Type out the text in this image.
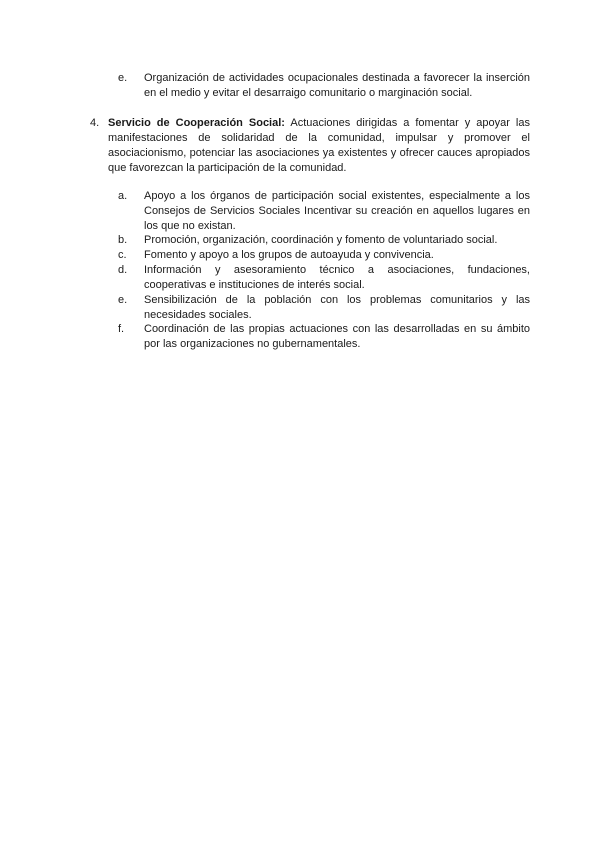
e.	Organización de actividades ocupacionales destinada a favorecer la inserción en el medio y evitar el desarraigo comunitario o marginación social.
4. Servicio de Cooperación Social: Actuaciones dirigidas a fomentar y apoyar las manifestaciones de solidaridad de la comunidad, impulsar y promover el asociacionismo, potenciar las asociaciones ya existentes y ofrecer cauces apropiados que favorezcan la participación de la comunidad.
a.	Apoyo a los órganos de participación social existentes, especialmente a los Consejos de Servicios Sociales Incentivar su creación en aquellos lugares en los que no existan.
b.	Promoción, organización, coordinación y fomento de voluntariado social.
c.	Fomento y apoyo a los grupos de autoayuda y convivencia.
d.	Información y asesoramiento técnico a asociaciones, fundaciones, cooperativas e instituciones de interés social.
e.	Sensibilización de la población con los problemas comunitarios y las necesidades sociales.
f.	Coordinación de las propias actuaciones con las desarrolladas en su ámbito por las organizaciones no gubernamentales.
